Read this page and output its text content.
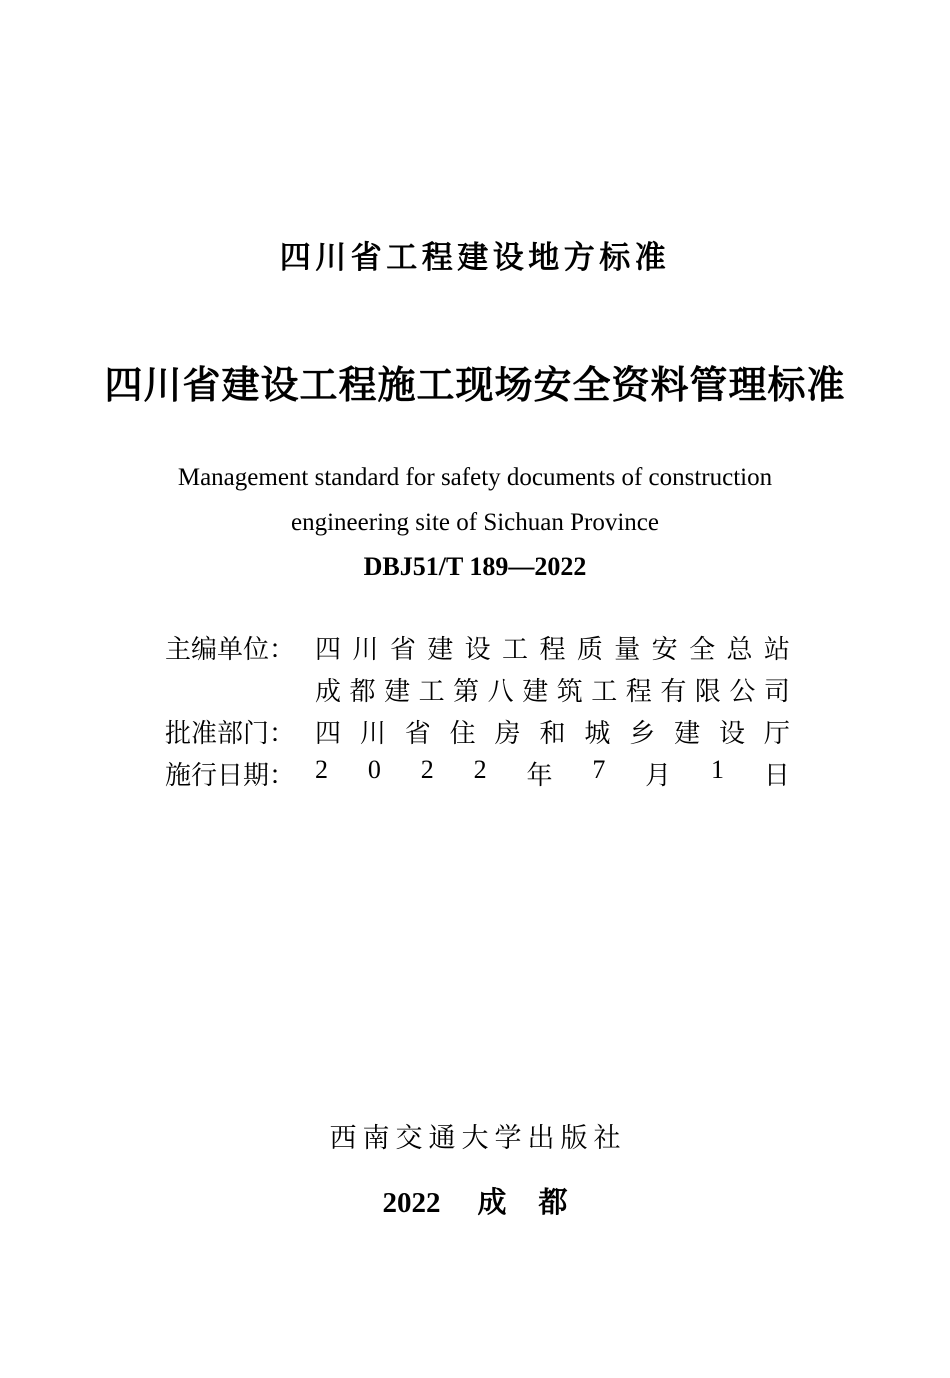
四川省工程建设地方标准
四川省建设工程施工现场安全资料管理标准
Management standard for safety documents of construction
engineering site of Sichuan Province
DBJ51/T 189—2022
主编单位： 四 川 省 建 设 工 程 质 量 安 全 总 站
成 都 建 工 第 八 建 筑 工 程 有 限 公 司
批准部门： 四 川 省 住 房 和 城 乡 建 设 厅
施行日期： 2 0 2 2 年 7 月 1 日
西南交通大学出版社
2022 成都
